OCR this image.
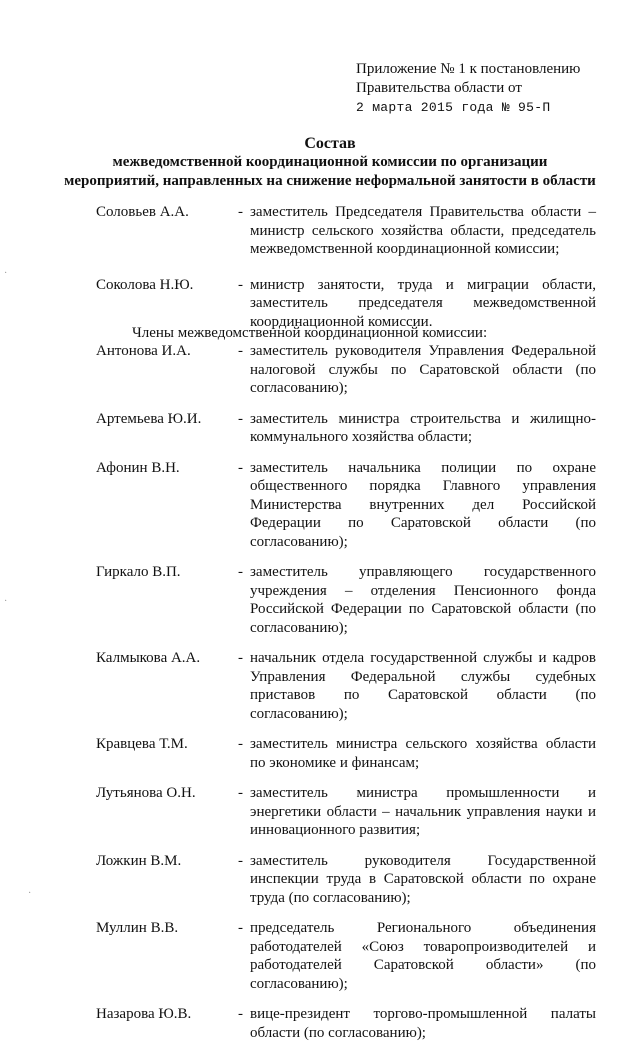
Приложение № 1 к постановлению
Правительства области от
2 марта 2015 года № 95-П
Состав
межведомственной координационной комиссии по организации
мероприятий, направленных на снижение неформальной занятости в области
Соловьев А.А.	- заместитель Председателя Правительства области – министр сельского хозяйства области, председатель межведомственной координационной комиссии;
Соколова Н.Ю.	- министр занятости, труда и миграции области, заместитель председателя межведомственной координационной комиссии.
Члены межведомственной координационной комиссии:
Антонова И.А.	- заместитель руководителя Управления Федеральной налоговой службы по Саратовской области (по согласованию);
Артемьева Ю.И.	- заместитель министра строительства и жилищно-коммунального хозяйства области;
Афонин В.Н.	- заместитель начальника полиции по охране общественного порядка Главного управления Министерства внутренних дел Российской Федерации по Саратовской области (по согласованию);
Гиркало В.П.	- заместитель управляющего государственного учреждения – отделения Пенсионного фонда Российской Федерации по Саратовской области (по согласованию);
Калмыкова А.А.	- начальник отдела государственной службы и кадров Управления Федеральной службы судебных приставов по Саратовской области (по согласованию);
Кравцева Т.М.	- заместитель министра сельского хозяйства области по экономике и финансам;
Лутьянова О.Н.	- заместитель министра промышленности и энергетики области – начальник управления науки и инновационного развития;
Ложкин В.М.	- заместитель руководителя Государственной инспекции труда в Саратовской области по охране труда (по согласованию);
Муллин В.В.	- председатель Регионального объединения работодателей «Союз товаропроизводителей и работодателей Саратовской области» (по согласованию);
Назарова Ю.В.	- вице-президент торгово-промышленной палаты области (по согласованию);
·
·
·
